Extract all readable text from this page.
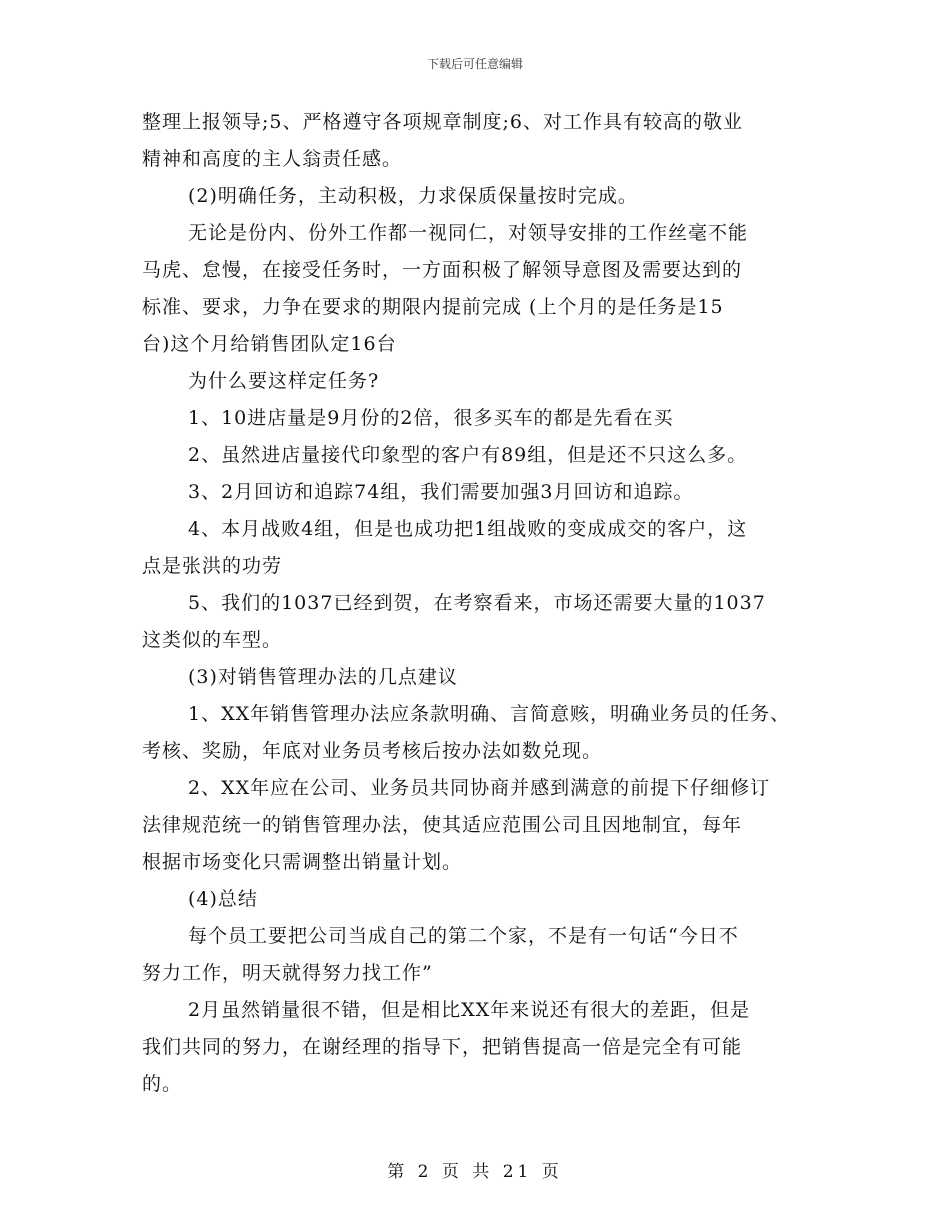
下载后可任意编辑
整理上报领导;5、严格遵守各项规章制度;6、对工作具有较高的敬业
精神和高度的主人翁责任感。
(2)明确任务，主动积极，力求保质保量按时完成。
无论是份内、份外工作都一视同仁，对领导安排的工作丝毫不能
马虎、怠慢，在接受任务时，一方面积极了解领导意图及需要达到的
标准、要求，力争在要求的期限内提前完成 (上个月的是任务是15
台)这个月给销售团队定16台
为什么要这样定任务?
1、10进店量是9月份的2倍，很多买车的都是先看在买
2、虽然进店量接代印象型的客户有89组，但是还不只这么多。
3、2月回访和追踪74组，我们需要加强3月回访和追踪。
4、本月战败4组，但是也成功把1组战败的变成成交的客户，这
点是张洪的功劳
5、我们的1037已经到贺，在考察看来，市场还需要大量的1037
这类似的车型。
(3)对销售管理办法的几点建议
1、XX年销售管理办法应条款明确、言简意赅，明确业务员的任务、
考核、奖励，年底对业务员考核后按办法如数兑现。
2、XX年应在公司、业务员共同协商并感到满意的前提下仔细修订
法律规范统一的销售管理办法，使其适应范围公司且因地制宜，每年
根据市场变化只需调整出销量计划。
(4)总结
每个员工要把公司当成自己的第二个家，不是有一句话“今日不
努力工作，明天就得努力找工作”
2月虽然销量很不错，但是相比XX年来说还有很大的差距，但是
我们共同的努力，在谢经理的指导下，把销售提高一倍是完全有可能
的。
第 2 页 共 21 页
